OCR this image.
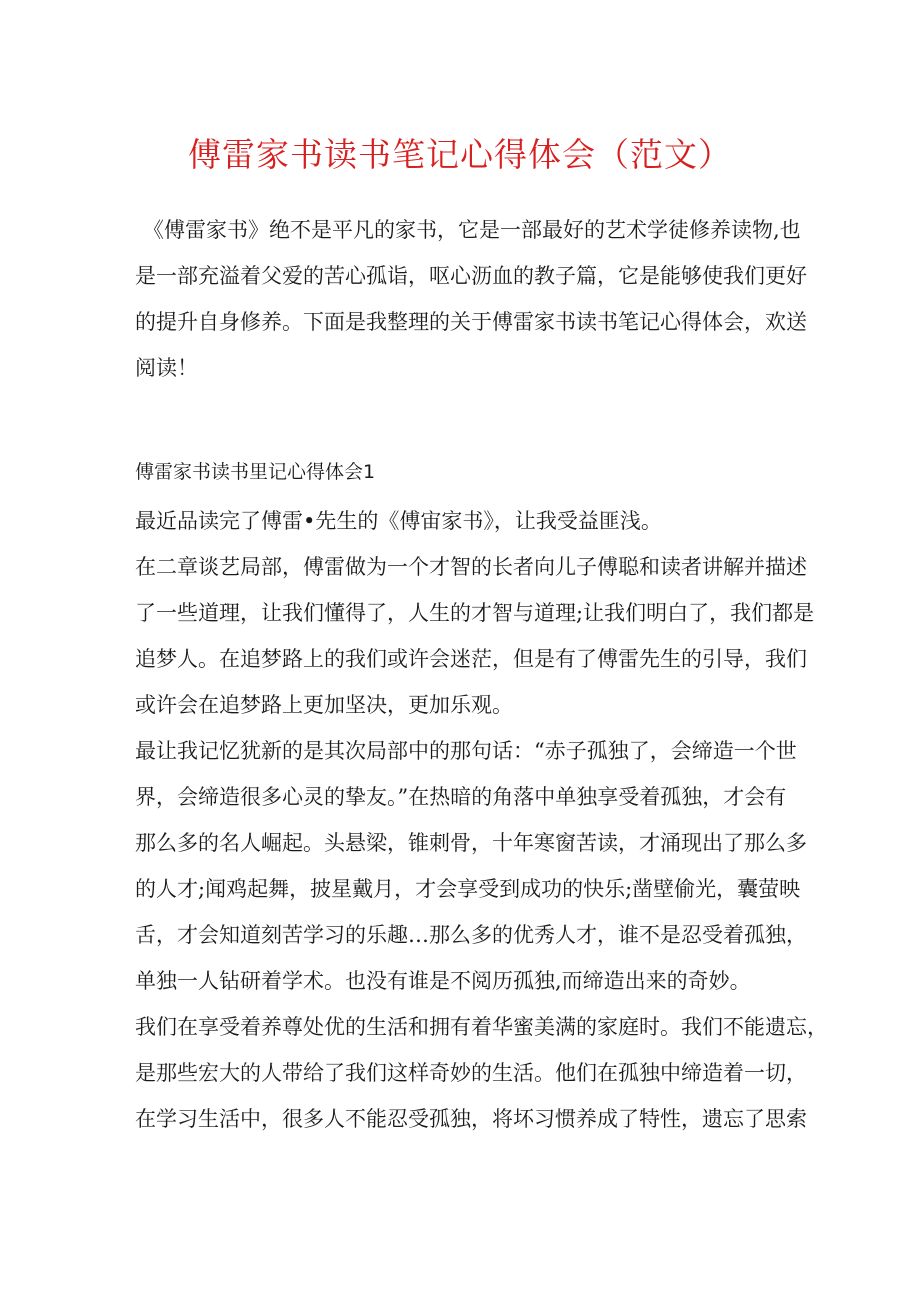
傅雷家书读书笔记心得体会（范文）
《傅雷家书》绝不是平凡的家书，它是一部最好的艺术学徒修养读物,也
是一部充溢着父爱的苦心孤诣，呕心沥血的教子篇，它是能够使我们更好
的提升自身修养。下面是我整理的关于傅雷家书读书笔记心得体会，欢送
阅读！
傅雷家书读书里记心得体会1
最近品读完了傅雷•先生的《傅宙家书》，让我受益匪浅。
在二章谈艺局部，傅雷做为一个才智的长者向儿子傅聪和读者讲解并描述
了一些道理，让我们懂得了，人生的才智与道理;让我们明白了，我们都是
追梦人。在追梦路上的我们或许会迷茫，但是有了傅雷先生的引导，我们
或许会在追梦路上更加坚决，更加乐观。
最让我记忆犹新的是其次局部中的那句话：“赤子孤独了，会缔造一个世
界，会缔造很多心灵的挚友。”在热暗的角落中单独享受着孤独，才会有
那么多的名人崛起。头悬梁，锥刺骨，十年寒窗苦读，才涌现出了那么多
的人才;闻鸡起舞，披星戴月，才会享受到成功的快乐;凿壁偷光，囊萤映
舌，才会知道刻苦学习的乐趣…那么多的优秀人才，谁不是忍受着孤独，
单独一人钻研着学术。也没有谁是不阅历孤独,而缔造出来的奇妙。
我们在享受着养尊处优的生活和拥有着华蜜美满的家庭时。我们不能遗忘，
是那些宏大的人带给了我们这样奇妙的生活。他们在孤独中缔造着一切，
在学习生活中，很多人不能忍受孤独，将坏习惯养成了特性，遗忘了思索
